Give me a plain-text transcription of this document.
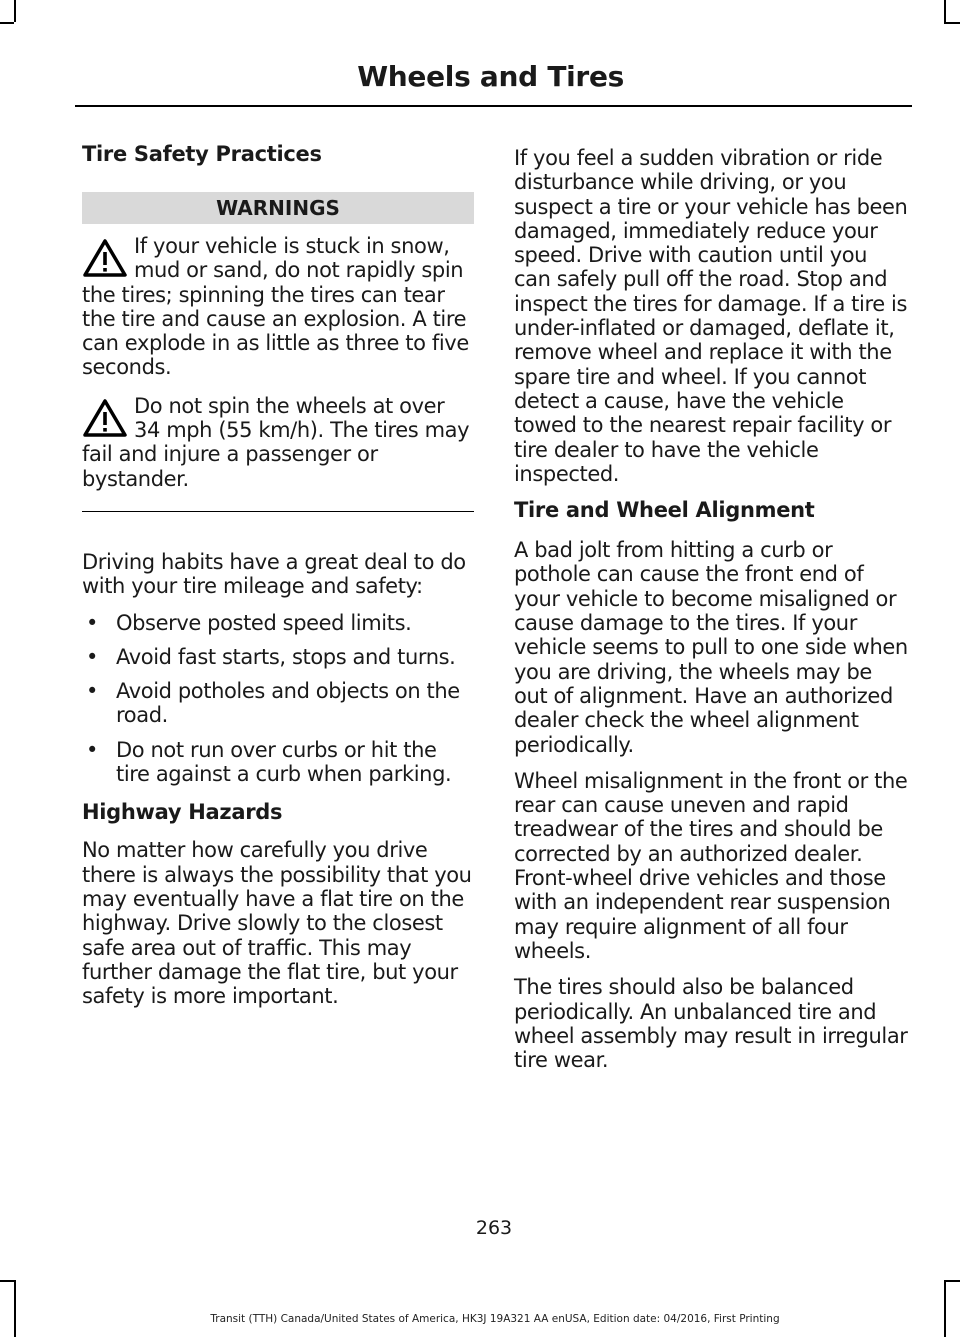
Wheels and Tires
Tire Safety Practices
WARNINGS

If your vehicle is stuck in snow, mud or sand, do not rapidly spin the tires; spinning the tires can tear the tire and cause an explosion. A tire can explode in as little as three to five seconds.

Do not spin the wheels at over 34 mph (55 km/h). The tires may fail and injure a passenger or bystander.

Driving habits have a great deal to do with your tire mileage and safety:

• Observe posted speed limits.
• Avoid fast starts, stops and turns.
• Avoid potholes and objects on the road.
• Do not run over curbs or hit the tire against a curb when parking.
Highway Hazards

No matter how carefully you drive there is always the possibility that you may eventually have a flat tire on the highway. Drive slowly to the closest safe area out of traffic. This may further damage the flat tire, but your safety is more important.

If you feel a sudden vibration or ride disturbance while driving, or you suspect a tire or your vehicle has been damaged, immediately reduce your speed. Drive with caution until you can safely pull off the road. Stop and inspect the tires for damage. If a tire is under-inflated or damaged, deflate it, remove wheel and replace it with the spare tire and wheel. If you cannot detect a cause, have the vehicle towed to the nearest repair facility or tire dealer to have the vehicle inspected.

Tire and Wheel Alignment

A bad jolt from hitting a curb or pothole can cause the front end of your vehicle to become misaligned or cause damage to the tires. If your vehicle seems to pull to one side when you are driving, the wheels may be out of alignment. Have an authorized dealer check the wheel alignment periodically.

Wheel misalignment in the front or the rear can cause uneven and rapid treadwear of the tires and should be corrected by an authorized dealer. Front-wheel drive vehicles and those with an independent rear suspension may require alignment of all four wheels.

The tires should also be balanced periodically. An unbalanced tire and wheel assembly may result in irregular tire wear.

263
Transit (TTH) Canada/United States of America, HK3J 19A321 AA enUSA, Edition date: 04/2016, First Printing
